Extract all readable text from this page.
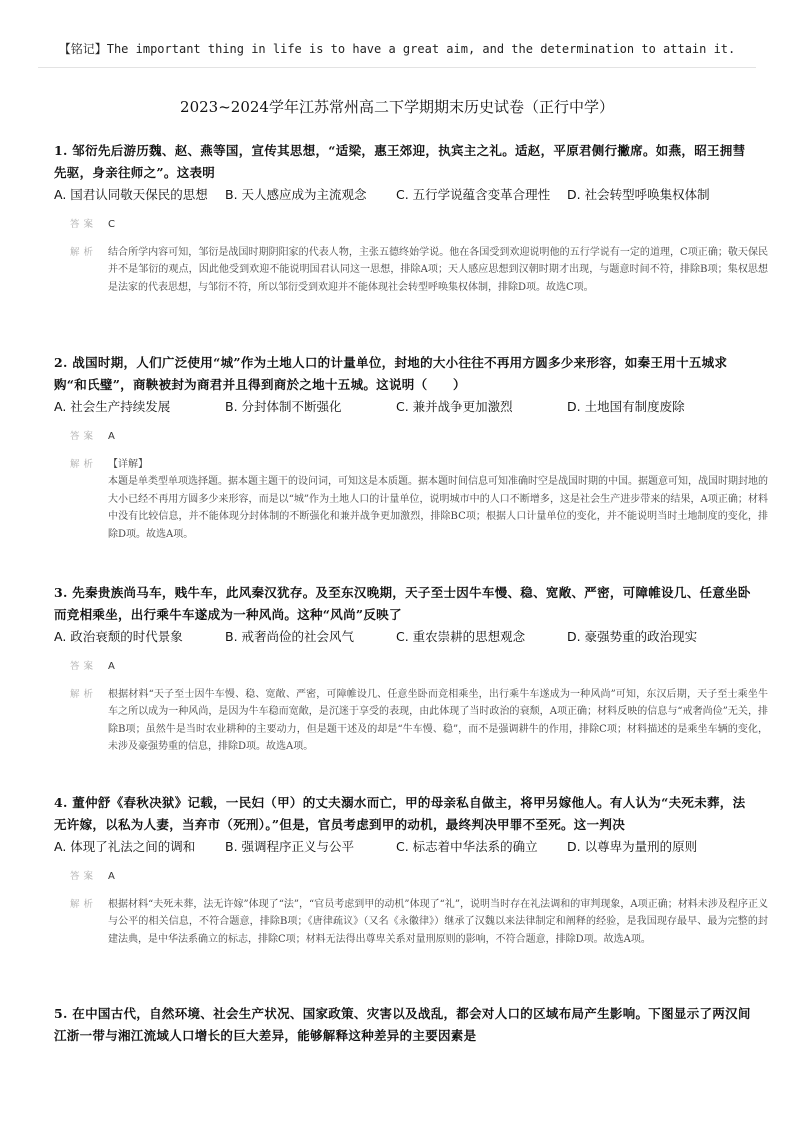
【铭记】The important thing in life is to have a great aim, and the determination to attain it.
2023~2024学年江苏常州高二下学期期末历史试卷（正行中学）
1. 邹衍先后游历魏、赵、燕等国，宣传其思想，“适梁，惠王郊迎，执宾主之礼。适赵，平原君侧行撇席。如燕，昭王拥彗先驱，身亲往师之”。这表明
A. 国君认同敬天保民的思想	B. 天人感应成为主流观念	C. 五行学说蕴含变革合理性	D. 社会转型呼唤集权体制
答案 C
解析 结合所学内容可知，邹衍是战国时期阴阳家的代表人物，主张五德终始学说。他在各国受到欢迎说明他的五行学说有一定的道理，C项正确；敬天保民并不是邹衍的观点，因此他受到欢迎不能说明国君认同这一思想，排除A项；天人感应思想到汉朝时期才出现，与题意时间不符，排除B项；集权思想是法家的代表思想，与邹衍不符，所以邹衍受到欢迎并不能体现社会转型呼唤集权体制，排除D项。故选C项。
2. 战国时期，人们广泛使用“城”作为土地人口的计量单位，封地的大小往往不再用方圆多少来形容，如秦王用十五城求购“和氏璧”，商鞅被封为商君并且得到商於之地十五城。这说明（　　）
A. 社会生产持续发展	B. 分封体制不断强化	C. 兼并战争更加激烈	D. 土地国有制度废除
答案 A
解析 【详解】
本题是单类型单项选择题。据本题主题干的设问词，可知这是本质题。据本题时间信息可知准确时空是战国时期的中国。据题意可知，战国时期封地的大小已经不再用方圆多少来形容，而是以“城”作为土地人口的计量单位，说明城市中的人口不断增多，这是社会生产进步带来的结果，A项正确；材料中没有比较信息，并不能体现分封体制的不断强化和兼并战争更加激烈，排除BC项；根据人口计量单位的变化，并不能说明当时土地制度的变化，排除D项。故选A项。
3. 先秦贵族尚马车，贱牛车，此风秦汉犹存。及至东汉晚期，天子至士因牛车慢、稳、宽敞、严密，可障帷设几、任意坐卧而竞相乘坐，出行乘牛车遂成为一种风尚。这种“风尚”反映了
A. 政治衰颓的时代景象	B. 戒奢尚俭的社会风气	C. 重农崇耕的思想观念	D. 豪强势重的政治现实
答案 A
解析 根据材料“天子至士因牛车慢、稳、宽敞、严密，可障帷设几、任意坐卧而竞相乘坐，出行乘牛车遂成为一种风尚”可知，东汉后期，天子至士乘坐牛车之所以成为一种风尚，是因为牛车稳而宽敞，是沉迷于享受的表现，由此体现了当时政治的衰颓，A项正确；材料反映的信息与“戒奢尚俭”无关，排除B项；虽然牛是当时农业耕种的主要动力，但是题干述及的却是“牛车慢、稳”，而不是强调耕牛的作用，排除C项；材料描述的是乘坐车辆的变化，未涉及豪强势重的信息，排除D项。故选A项。
4. 董仲舒《春秋决狱》记载，一民妇（甲）的丈夫溺水而亡，甲的母亲私自做主，将甲另嫁他人。有人认为“夫死未葬，法无许嫁，以私为人妻，当弃市（死刑）。”但是，官员考虑到甲的动机，最终判决甲罪不至死。这一判决
A. 体现了礼法之间的调和	B. 强调程序正义与公平	C. 标志着中华法系的确立	D. 以尊卑为量刑的原则
答案 A
解析 根据材料“夫死未葬，法无许嫁”体现了“法”，“官员考虑到甲的动机”体现了“礼”，说明当时存在礼法调和的审判现象，A项正确；材料未涉及程序正义与公平的相关信息，不符合题意，排除B项；《唐律疏议》（又名《永徽律》）继承了汉魏以来法律制定和阐释的经验，是我国现存最早、最为完整的封建法典，是中华法系确立的标志，排除C项；材料无法得出尊卑关系对量刑原则的影响，不符合题意，排除D项。故选A项。
5. 在中国古代，自然环境、社会生产状况、国家政策、灾害以及战乱，都会对人口的区域布局产生影响。下图显示了两汉间江浙一带与湘江流域人口增长的巨大差异，能够解释这种差异的主要因素是
